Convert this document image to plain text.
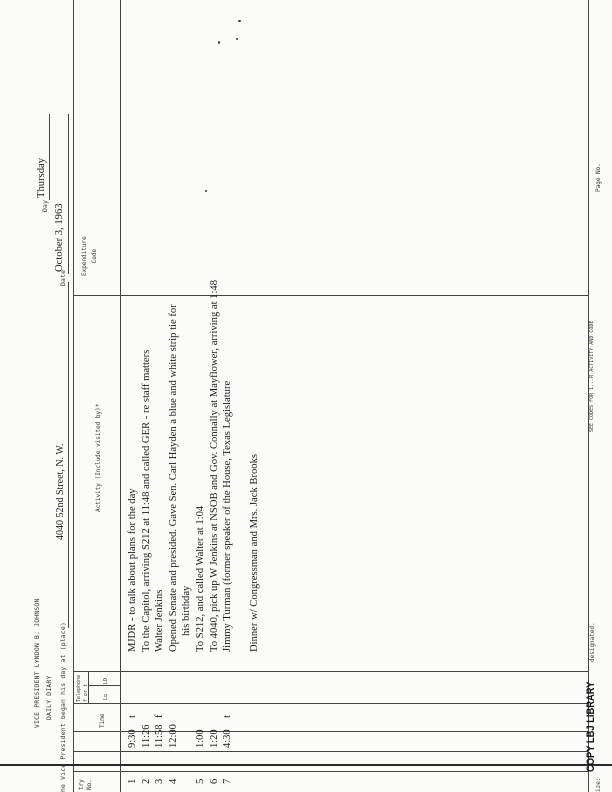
VICE PRESIDENT LYNDON B. JOHNSON DAILY DIARY he Vice President began his day at (place)
4040 52nd Street, N. W.
Day
Thursday
Date
October 3, 1963
try
No.
Time
Telephone
f or t
Lo
LD
Activity (Include visited by)*
Expenditure
Code
1
9:30
t
MJDR - to talk about plans for the day
2
11:26
To the Capitol, arriving S212 at 11:48 and called GER - re staff matters
3
11:58
f
Walter Jenkins
4
12:00
Opened Senate and presided. Gave Sen. Carl Hayden a blue and white strip tie for his birthday
5
1:00
To S212, and called Walter at 1:04
6
1:20
To 4040, pick up W Jenkins at NSOB and Gov. Connally at Mayflower, arriving at 1:48
7
4:30
t
Jimmy Turman (former speaker of the House, Texas Legislature Dinner w/ Congressman and Mrs. Jack Brooks
COPY LBJ LIBRARY
designated.
SEE CODES FOR 1...R ACTIVITY AND CODE
Page No.
ize:
